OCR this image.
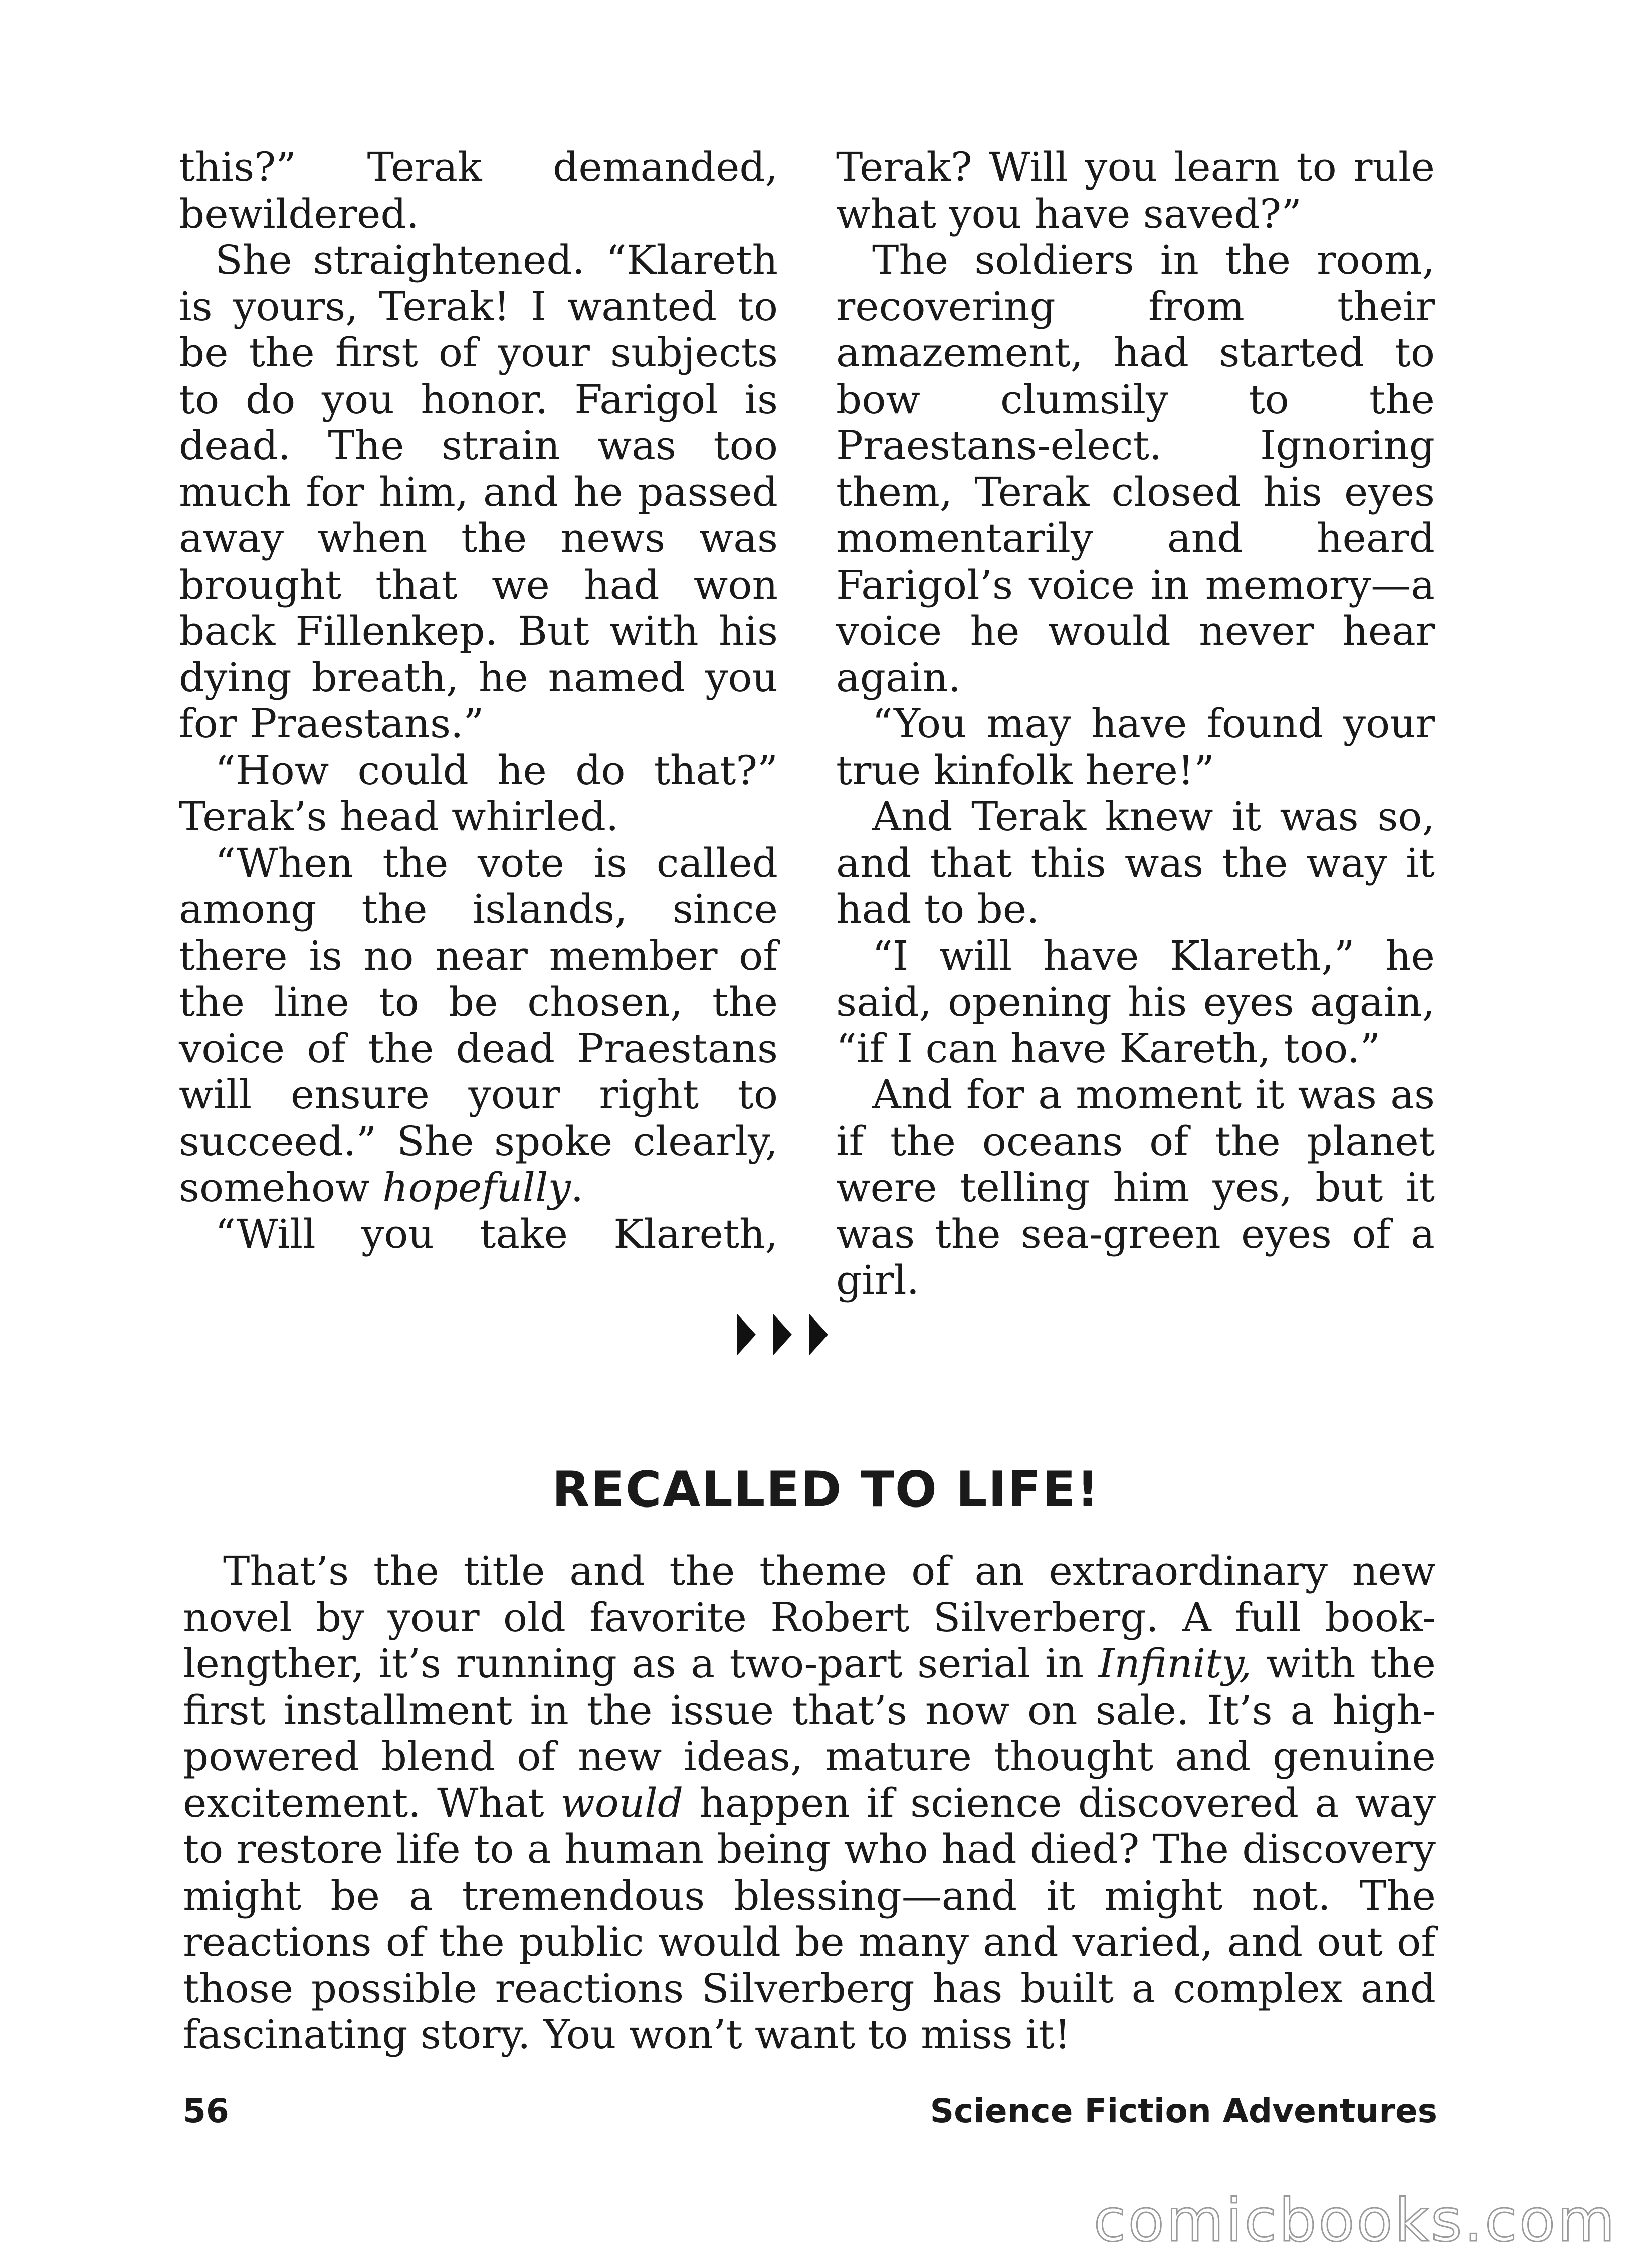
this?” Terak demanded, bewildered.

She straightened. “Klareth is yours, Terak! I wanted to be the first of your subjects to do you honor. Farigol is dead. The strain was too much for him, and he passed away when the news was brought that we had won back Fillenkep. But with his dying breath, he named you for Praestans.”

“How could he do that?” Terak’s head whirled.

“When the vote is called among the islands, since there is no near member of the line to be chosen, the voice of the dead Praestans will ensure your right to succeed.” She spoke clearly, somehow hopefully.

“Will you take Klareth,

Terak? Will you learn to rule what you have saved?”

The soldiers in the room, recovering from their amazement, had started to bow clumsily to the Praestans-elect. Ignoring them, Terak closed his eyes momentarily and heard Farigol’s voice in memory—a voice he would never hear again.

“You may have found your true kinfolk here!”

And Terak knew it was so, and that this was the way it had to be.

“I will have Klareth,” he said, opening his eyes again, “if I can have Kareth, too.”

And for a moment it was as if the oceans of the planet were telling him yes, but it was the sea-green eyes of a girl.

RECALLED TO LIFE!

That’s the title and the theme of an extraordinary new novel by your old favorite Robert Silverberg. A full book-lengther, it’s running as a two-part serial in Infinity, with the first installment in the issue that’s now on sale. It’s a high-powered blend of new ideas, mature thought and genuine excitement. What would happen if science discovered a way to restore life to a human being who had died? The discovery might be a tremendous blessing—and it might not. The reactions of the public would be many and varied, and out of those possible reactions Silverberg has built a complex and fascinating story. You won’t want to miss it!

56	Science Fiction Adventures
comicbooks.com
